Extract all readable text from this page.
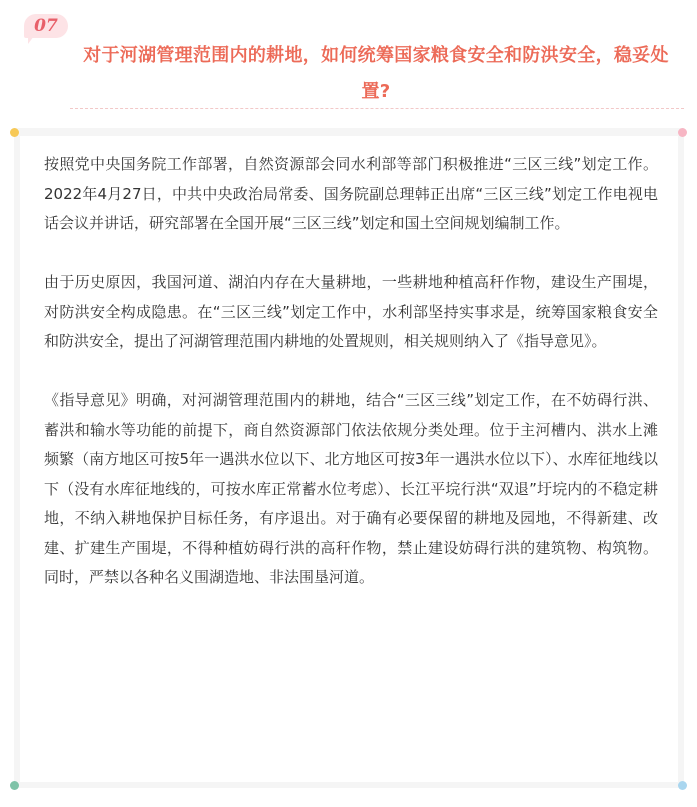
07
对于河湖管理范围内的耕地，如何统筹国家粮食安全和防洪安全，稳妥处置?

按照党中央国务院工作部署，自然资源部会同水利部等部门积极推进“三区三线”划定工作。2022年4月27日，中共中央政治局常委、国务院副总理韩正出席“三区三线”划定工作电视电话会议并讲话，研究部署在全国开展“三区三线”划定和国土空间规划编制工作。

由于历史原因，我国河道、湖泊内存在大量耕地，一些耕地种植高秆作物，建设生产围堤，对防洪安全构成隐患。在“三区三线”划定工作中，水利部坚持实事求是，统筹国家粮食安全和防洪安全，提出了河湖管理范围内耕地的处置规则，相关规则纳入了《指导意见》。

《指导意见》明确，对河湖管理范围内的耕地，结合“三区三线”划定工作，在不妨碍行洪、蓄洪和输水等功能的前提下，商自然资源部门依法依规分类处理。位于主河槽内、洪水上滩频繁（南方地区可按5年一遇洪水位以下、北方地区可按3年一遇洪水位以下）、水库征地线以下（没有水库征地线的，可按水库正常蓄水位考虑）、长江平垸行洪“双退”圩垸内的不稳定耕地，不纳入耕地保护目标任务，有序退出。对于确有必要保留的耕地及园地，不得新建、改建、扩建生产围堤，不得种植妨碍行洪的高秆作物，禁止建设妨碍行洪的建筑物、构筑物。同时，严禁以各种名义围湖造地、非法围垦河道。
